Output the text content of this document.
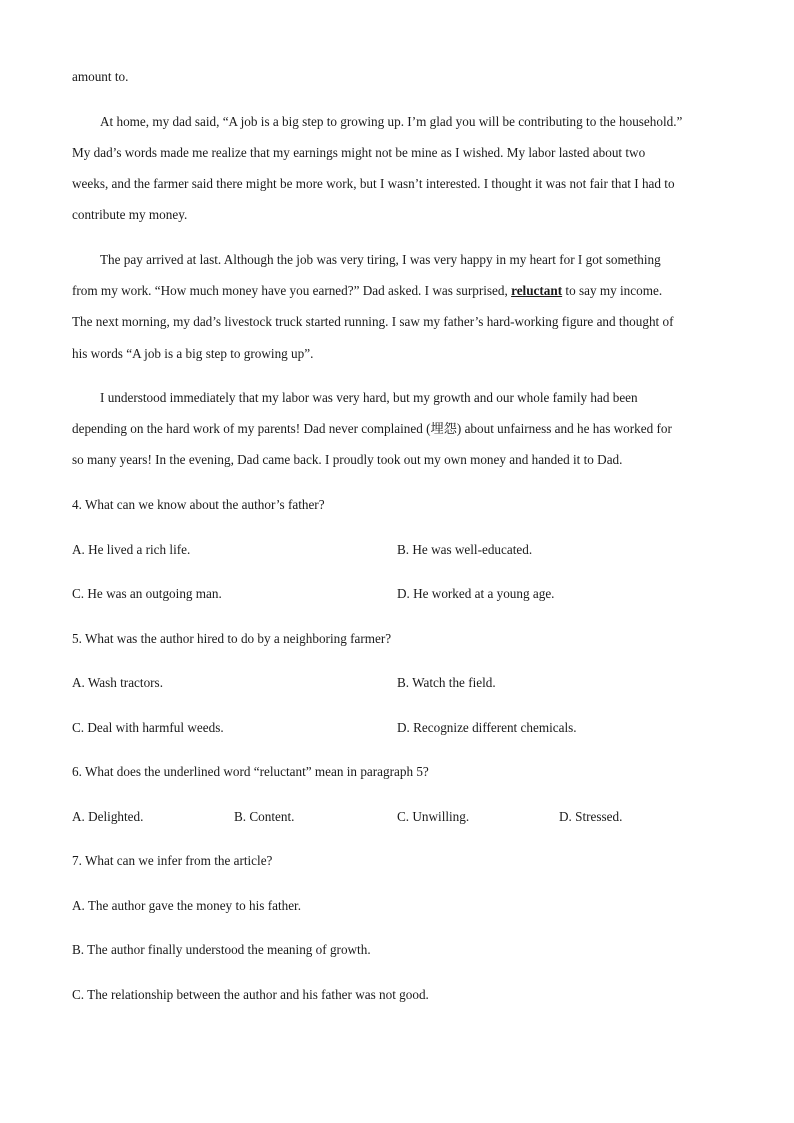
amount to.
At home, my dad said, “A job is a big step to growing up. I’m glad you will be contributing to the household.”
My dad’s words made me realize that my earnings might not be mine as I wished. My labor lasted about two
weeks, and the farmer said there might be more work, but I wasn’t interested. I thought it was not fair that I had to
contribute my money.
The pay arrived at last. Although the job was very tiring, I was very happy in my heart for I got something
from my work. “How much money have you earned?” Dad asked. I was surprised, reluctant to say my income.
The next morning, my dad’s livestock truck started running. I saw my father’s hard-working figure and thought of
his words “A job is a big step to growing up”.
I understood immediately that my labor was very hard, but my growth and our whole family had been
depending on the hard work of my parents! Dad never complained (埋怨) about unfairness and he has worked for
so many years! In the evening, Dad came back. I proudly took out my own money and handed it to Dad.
4. What can we know about the author’s father?
A. He lived a rich life.	B. He was well-educated.
C. He was an outgoing man.	D. He worked at a young age.
5. What was the author hired to do by a neighboring farmer?
A. Wash tractors.	B. Watch the field.
C. Deal with harmful weeds.	D. Recognize different chemicals.
6. What does the underlined word “reluctant” mean in paragraph 5?
A. Delighted.	B. Content.	C. Unwilling.	D. Stressed.
7. What can we infer from the article?
A. The author gave the money to his father.
B. The author finally understood the meaning of growth.
C. The relationship between the author and his father was not good.
